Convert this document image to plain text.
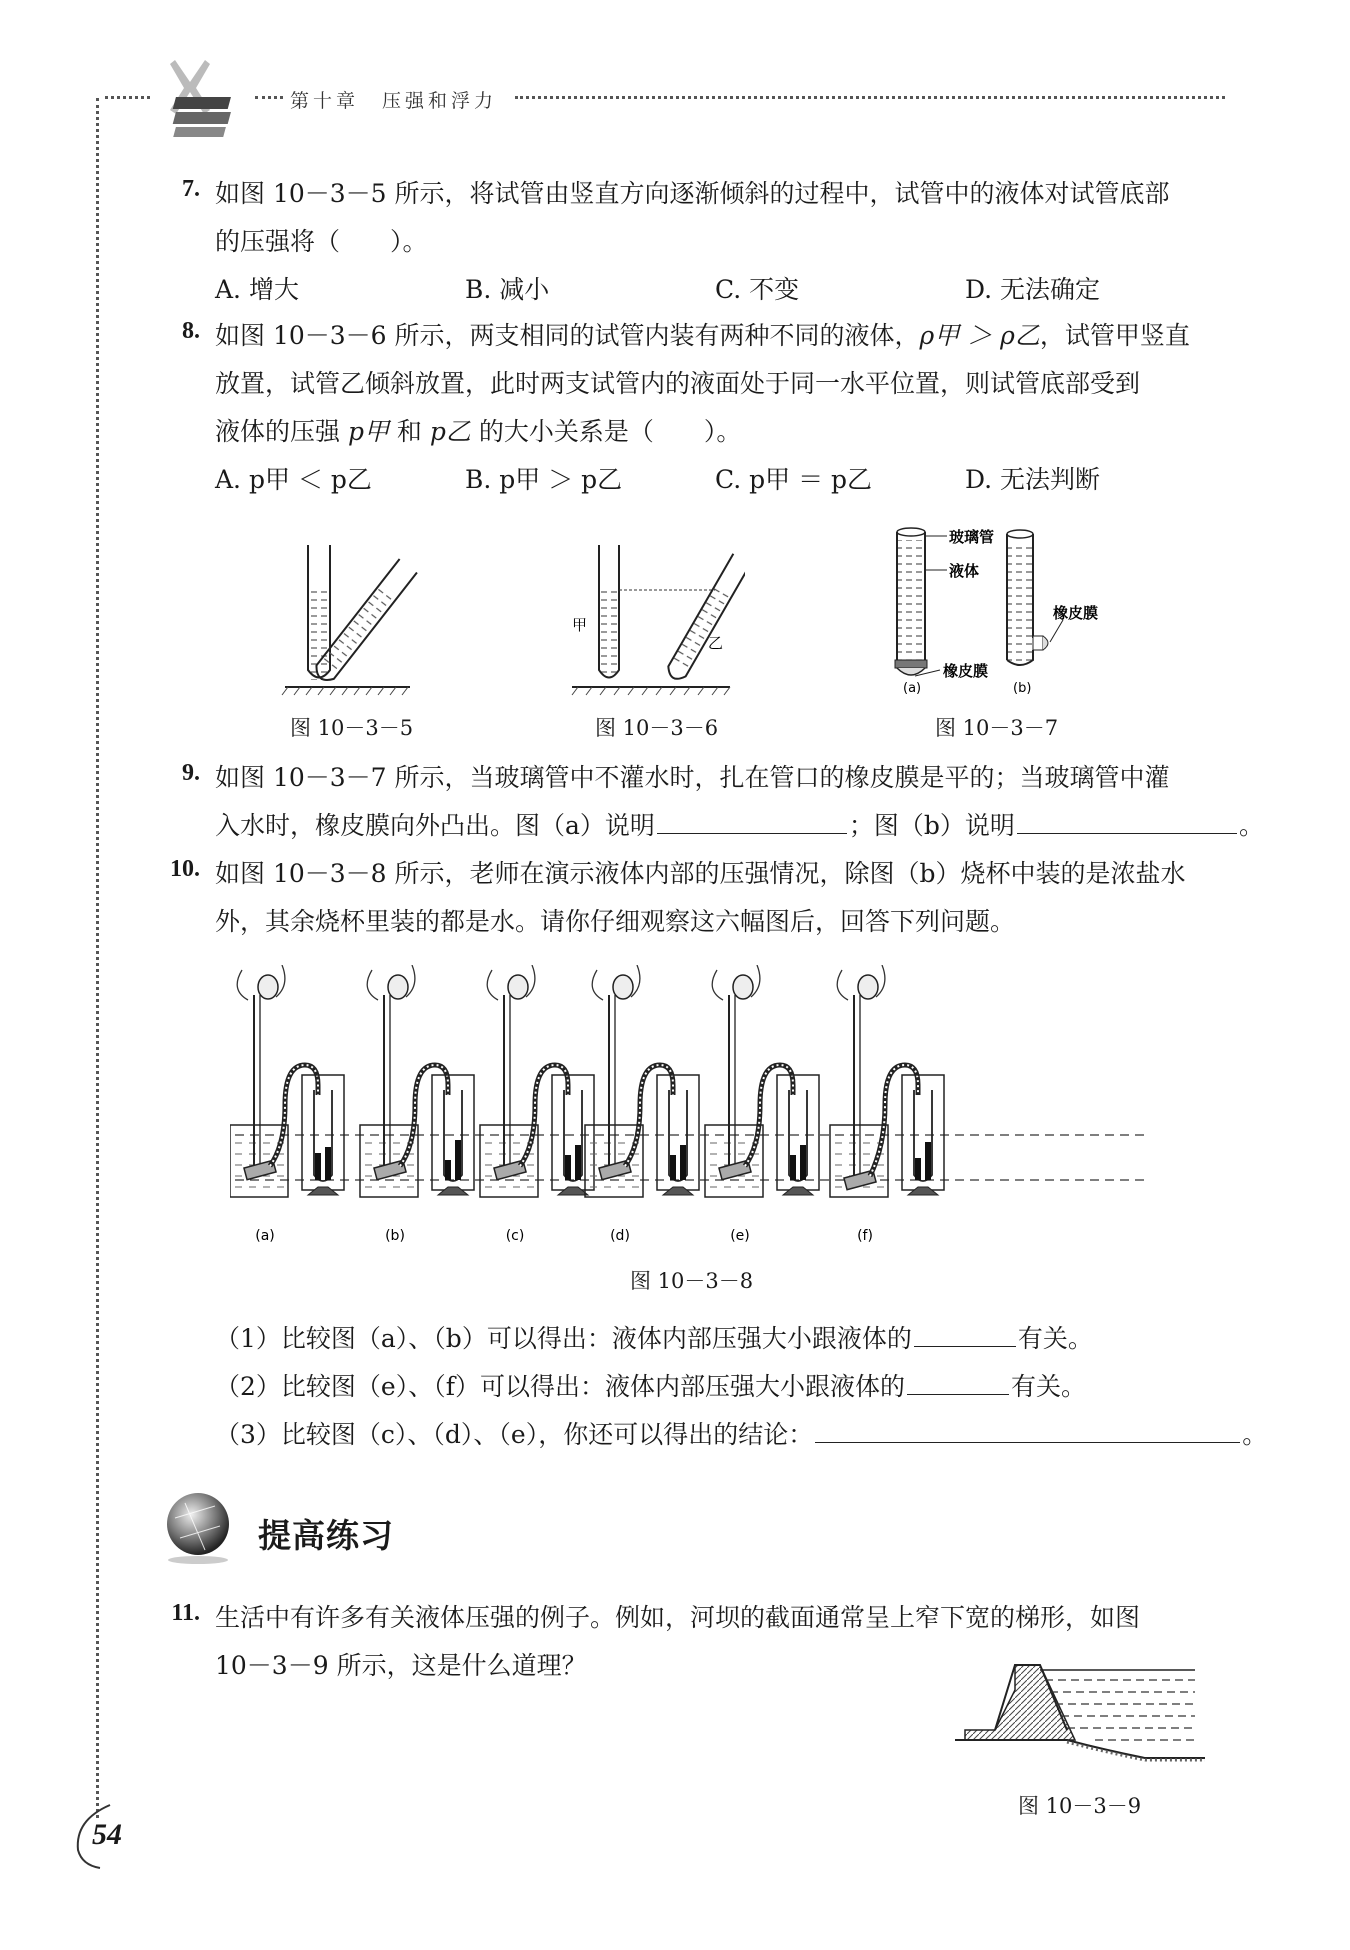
第十章　压强和浮力
7. 如图 10－3－5 所示，将试管由竖直方向逐渐倾斜的过程中，试管中的液体对试管底部
的压强将（　　）。
A. 增大	B. 减小	C. 不变	D. 无法确定
8. 如图 10－3－6 所示，两支相同的试管内装有两种不同的液体，ρ甲 ＞ ρ乙，试管甲竖直
放置，试管乙倾斜放置，此时两支试管内的液面处于同一水平位置，则试管底部受到
液体的压强 p甲 和 p乙 的大小关系是（　　）。
A. p甲 ＜ p乙	B. p甲 ＞ p乙	C. p甲 ＝ p乙	D. 无法判断
图 10－3－5
甲
乙
图 10－3－6
玻璃管
液体
橡皮膜
(a)
橡皮膜
(b)
图 10－3－7
9. 如图 10－3－7 所示，当玻璃管中不灌水时，扎在管口的橡皮膜是平的；当玻璃管中灌
入水时，橡皮膜向外凸出。图（a）说明	；图（b）说明	。
10. 如图 10－3－8 所示，老师在演示液体内部的压强情况，除图（b）烧杯中装的是浓盐水
外，其余烧杯里装的都是水。请你仔细观察这六幅图后，回答下列问题。
(a)	(b)	(c)	(d)	(e)	(f)
图 10－3－8
（1）比较图（a）、（b）可以得出：液体内部压强大小跟液体的	有关。
（2）比较图（e）、（f）可以得出：液体内部压强大小跟液体的	有关。
（3）比较图（c）、（d）、（e），你还可以得出的结论：	。
提高练习
11. 生活中有许多有关液体压强的例子。例如，河坝的截面通常呈上窄下宽的梯形，如图
10－3－9 所示，这是什么道理？
图 10－3－9
54
